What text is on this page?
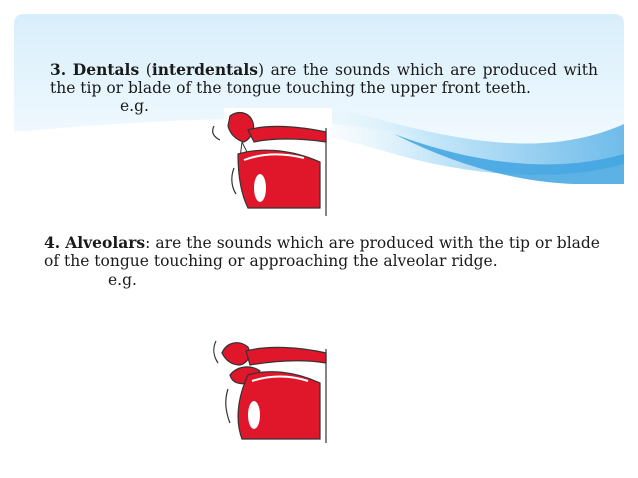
3. Dentals (interdentals) are the sounds which are produced with the tip or blade of the tongue touching the upper front teeth.
e.g.
4. Alveolars: are the sounds which are produced with the tip or blade of the tongue touching or approaching the alveolar ridge.
e.g.
